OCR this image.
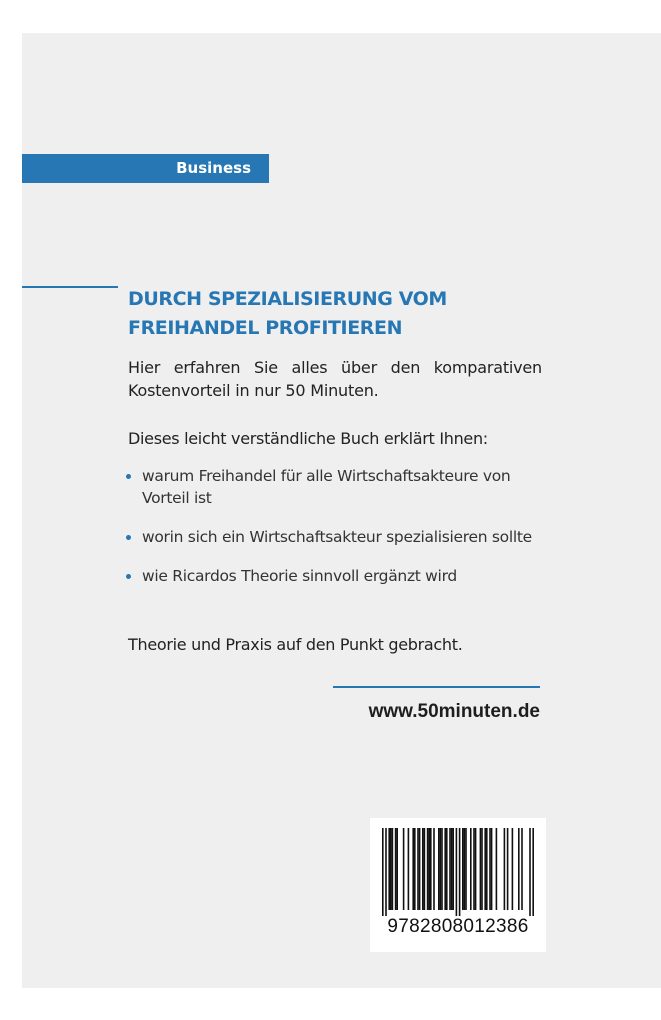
Business
DURCH SPEZIALISIERUNG VOM FREIHANDEL PROFITIEREN

Hier erfahren Sie alles über den komparativen Kostenvorteil in nur 50 Minuten.

Dieses leicht verständliche Buch erklärt Ihnen:

warum Freihandel für alle Wirtschaftsakteure von Vorteil ist
worin sich ein Wirtschaftsakteur spezialisieren sollte
wie Ricardos Theorie sinnvoll ergänzt wird

Theorie und Praxis auf den Punkt gebracht.

www.50minuten.de
9782808012386
